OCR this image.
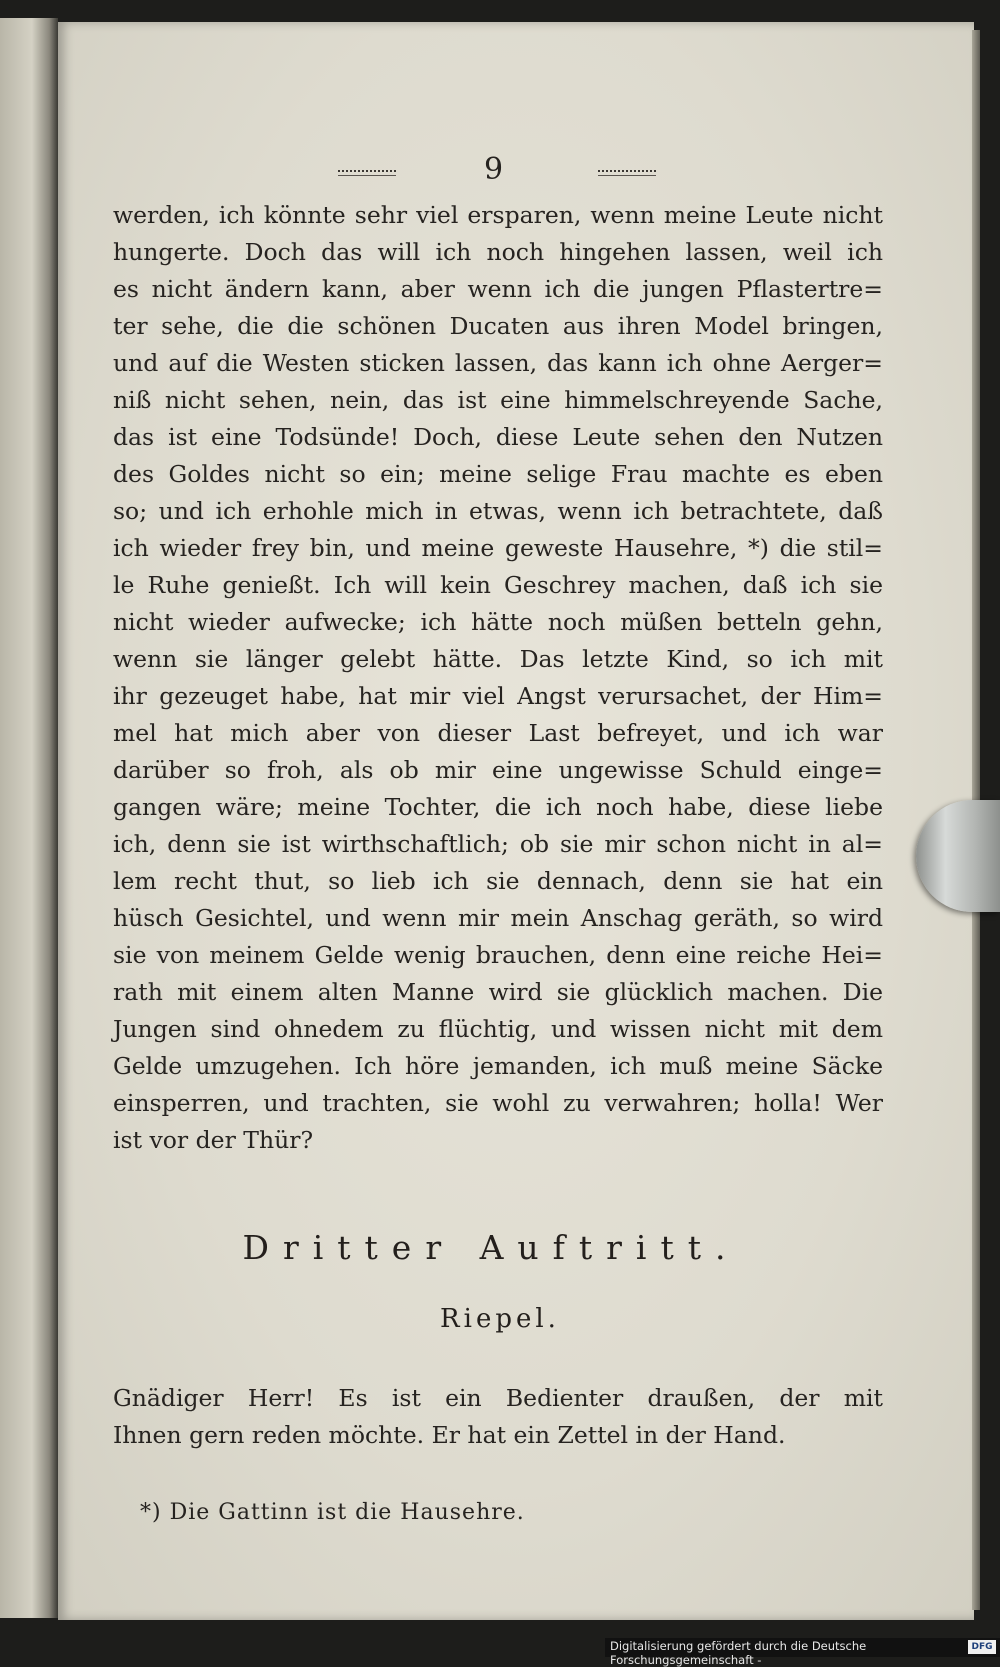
9
werden, ich könnte sehr viel ersparen, wenn meine Leute nicht
hungerte. Doch das will ich noch hingehen lassen, weil ich
es nicht ändern kann, aber wenn ich die jungen Pflastertre=
ter sehe, die die schönen Ducaten aus ihren Model bringen,
und auf die Westen sticken lassen, das kann ich ohne Aerger=
niß nicht sehen, nein, das ist eine himmelschreyende Sache,
das ist eine Todsünde! Doch, diese Leute sehen den Nutzen
des Goldes nicht so ein; meine selige Frau machte es eben
so; und ich erhohle mich in etwas, wenn ich betrachtete, daß
ich wieder frey bin, und meine geweste Hausehre, *) die stil=
le Ruhe genießt. Ich will kein Geschrey machen, daß ich sie
nicht wieder aufwecke; ich hätte noch müßen betteln gehn,
wenn sie länger gelebt hätte. Das letzte Kind, so ich mit
ihr gezeuget habe, hat mir viel Angst verursachet, der Him=
mel hat mich aber von dieser Last befreyet, und ich war
darüber so froh, als ob mir eine ungewisse Schuld einge=
gangen wäre; meine Tochter, die ich noch habe, diese liebe
ich, denn sie ist wirthschaftlich; ob sie mir schon nicht in al=
lem recht thut, so lieb ich sie dennach, denn sie hat ein
hüsch Gesichtel, und wenn mir mein Anschag geräth, so wird
sie von meinem Gelde wenig brauchen, denn eine reiche Hei=
rath mit einem alten Manne wird sie glücklich machen. Die
Jungen sind ohnedem zu flüchtig, und wissen nicht mit dem
Gelde umzugehen. Ich höre jemanden, ich muß meine Säcke
einsperren, und trachten, sie wohl zu verwahren; holla! Wer
ist vor der Thür?
Dritter Auftritt.
Riepel.
Gnädiger Herr! Es ist ein Bedienter draußen, der mit
Ihnen gern reden möchte. Er hat ein Zettel in der Hand.
*) Die Gattinn ist die Hausehre.
Digitalisierung gefördert durch die Deutsche Forschungsgemeinschaft -
DFG
